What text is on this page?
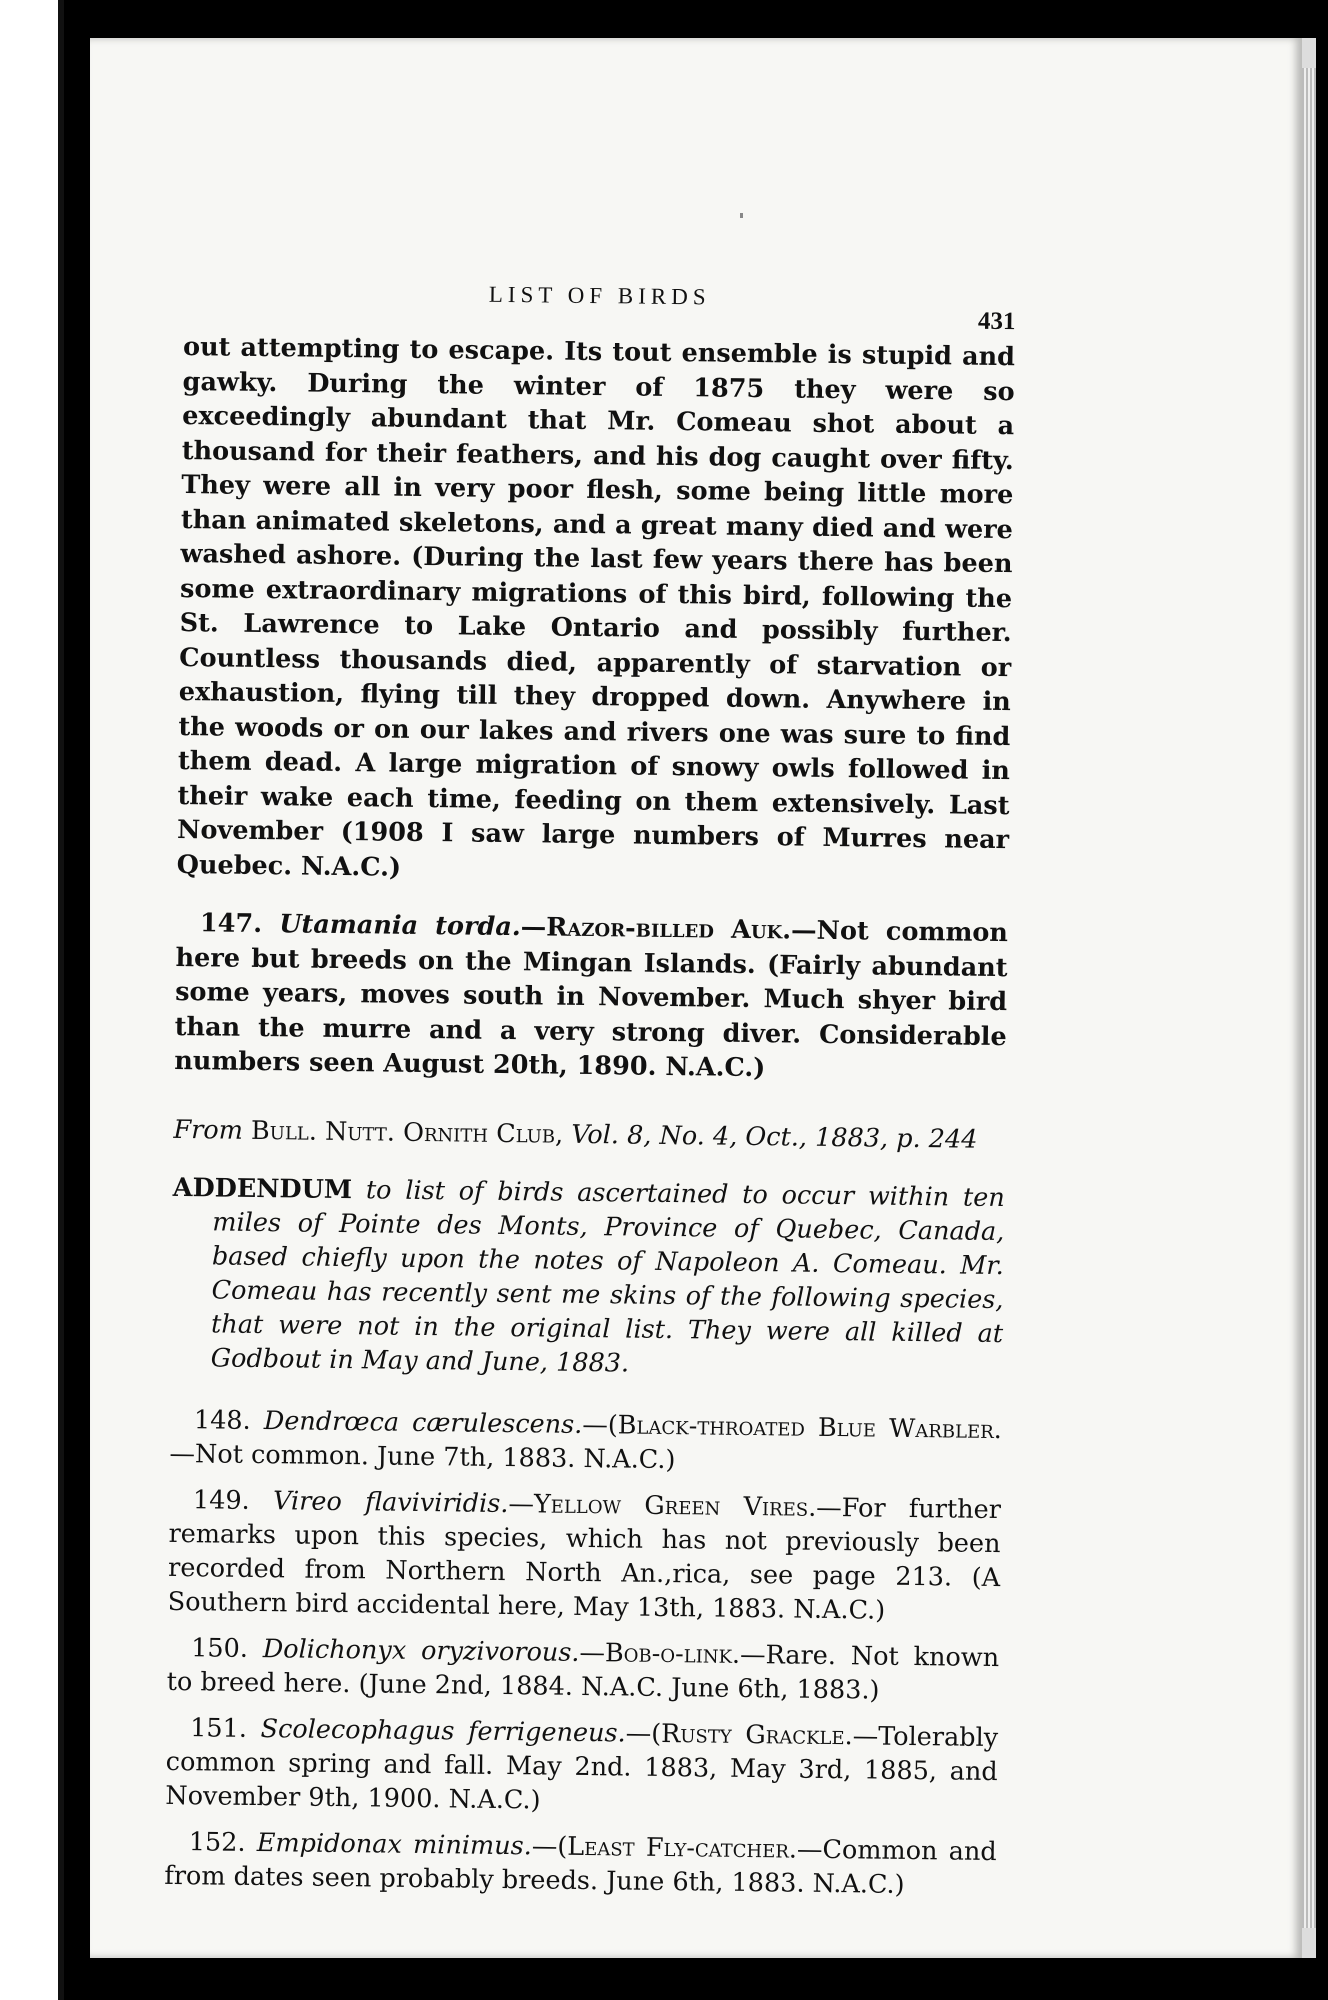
LIST OF BIRDS
431

out attempting to escape. Its tout ensemble is stupid and gawky. During the winter of 1875 they were so exceedingly abundant that Mr. Comeau shot about a thousand for their feathers, and his dog caught over fifty. They were all in very poor flesh, some being little more than animated skeletons, and a great many died and were washed ashore. (During the last few years there has been some extraordinary migrations of this bird, following the St. Lawrence to Lake Ontario and possibly further. Countless thousands died, apparently of starvation or exhaustion, flying till they dropped down. Anywhere in the woods or on our lakes and rivers one was sure to find them dead. A large migration of snowy owls followed in their wake each time, feeding on them extensively. Last November (1908 I saw large numbers of Murres near Quebec. N.A.C.)

147. Utamania torda.—Razor-billed Auk.—Not common here but breeds on the Mingan Islands. (Fairly abundant some years, moves south in November. Much shyer bird than the murre and a very strong diver. Considerable numbers seen August 20th, 1890. N.A.C.)

From Bull. Nutt. Ornith Club, Vol. 8, No. 4, Oct., 1883, p. 244

ADDENDUM to list of birds ascertained to occur within ten miles of Pointe des Monts, Province of Quebec, Canada, based chiefly upon the notes of Napoleon A. Comeau. Mr. Comeau has recently sent me skins of the following species, that were not in the original list. They were all killed at Godbout in May and June, 1883.

148. Dendrœca cærulescens.—(Black-throated Blue Warbler.—Not common. June 7th, 1883. N.A.C.)

149. Vireo flaviviridis.—Yellow Green Vires.—For further remarks upon this species, which has not previously been recorded from Northern North An.,rica, see page 213. (A Southern bird accidental here, May 13th, 1883. N.A.C.)

150. Dolichonyx oryzivorous.—Bob-o-link.—Rare. Not known to breed here. (June 2nd, 1884. N.A.C. June 6th, 1883.)

151. Scolecophagus ferrigeneus.—(Rusty Grackle.—Tolerably common spring and fall. May 2nd. 1883, May 3rd, 1885, and November 9th, 1900. N.A.C.)

152. Empidonax minimus.—(Least Fly-catcher.—Common and from dates seen probably breeds. June 6th, 1883. N.A.C.)
